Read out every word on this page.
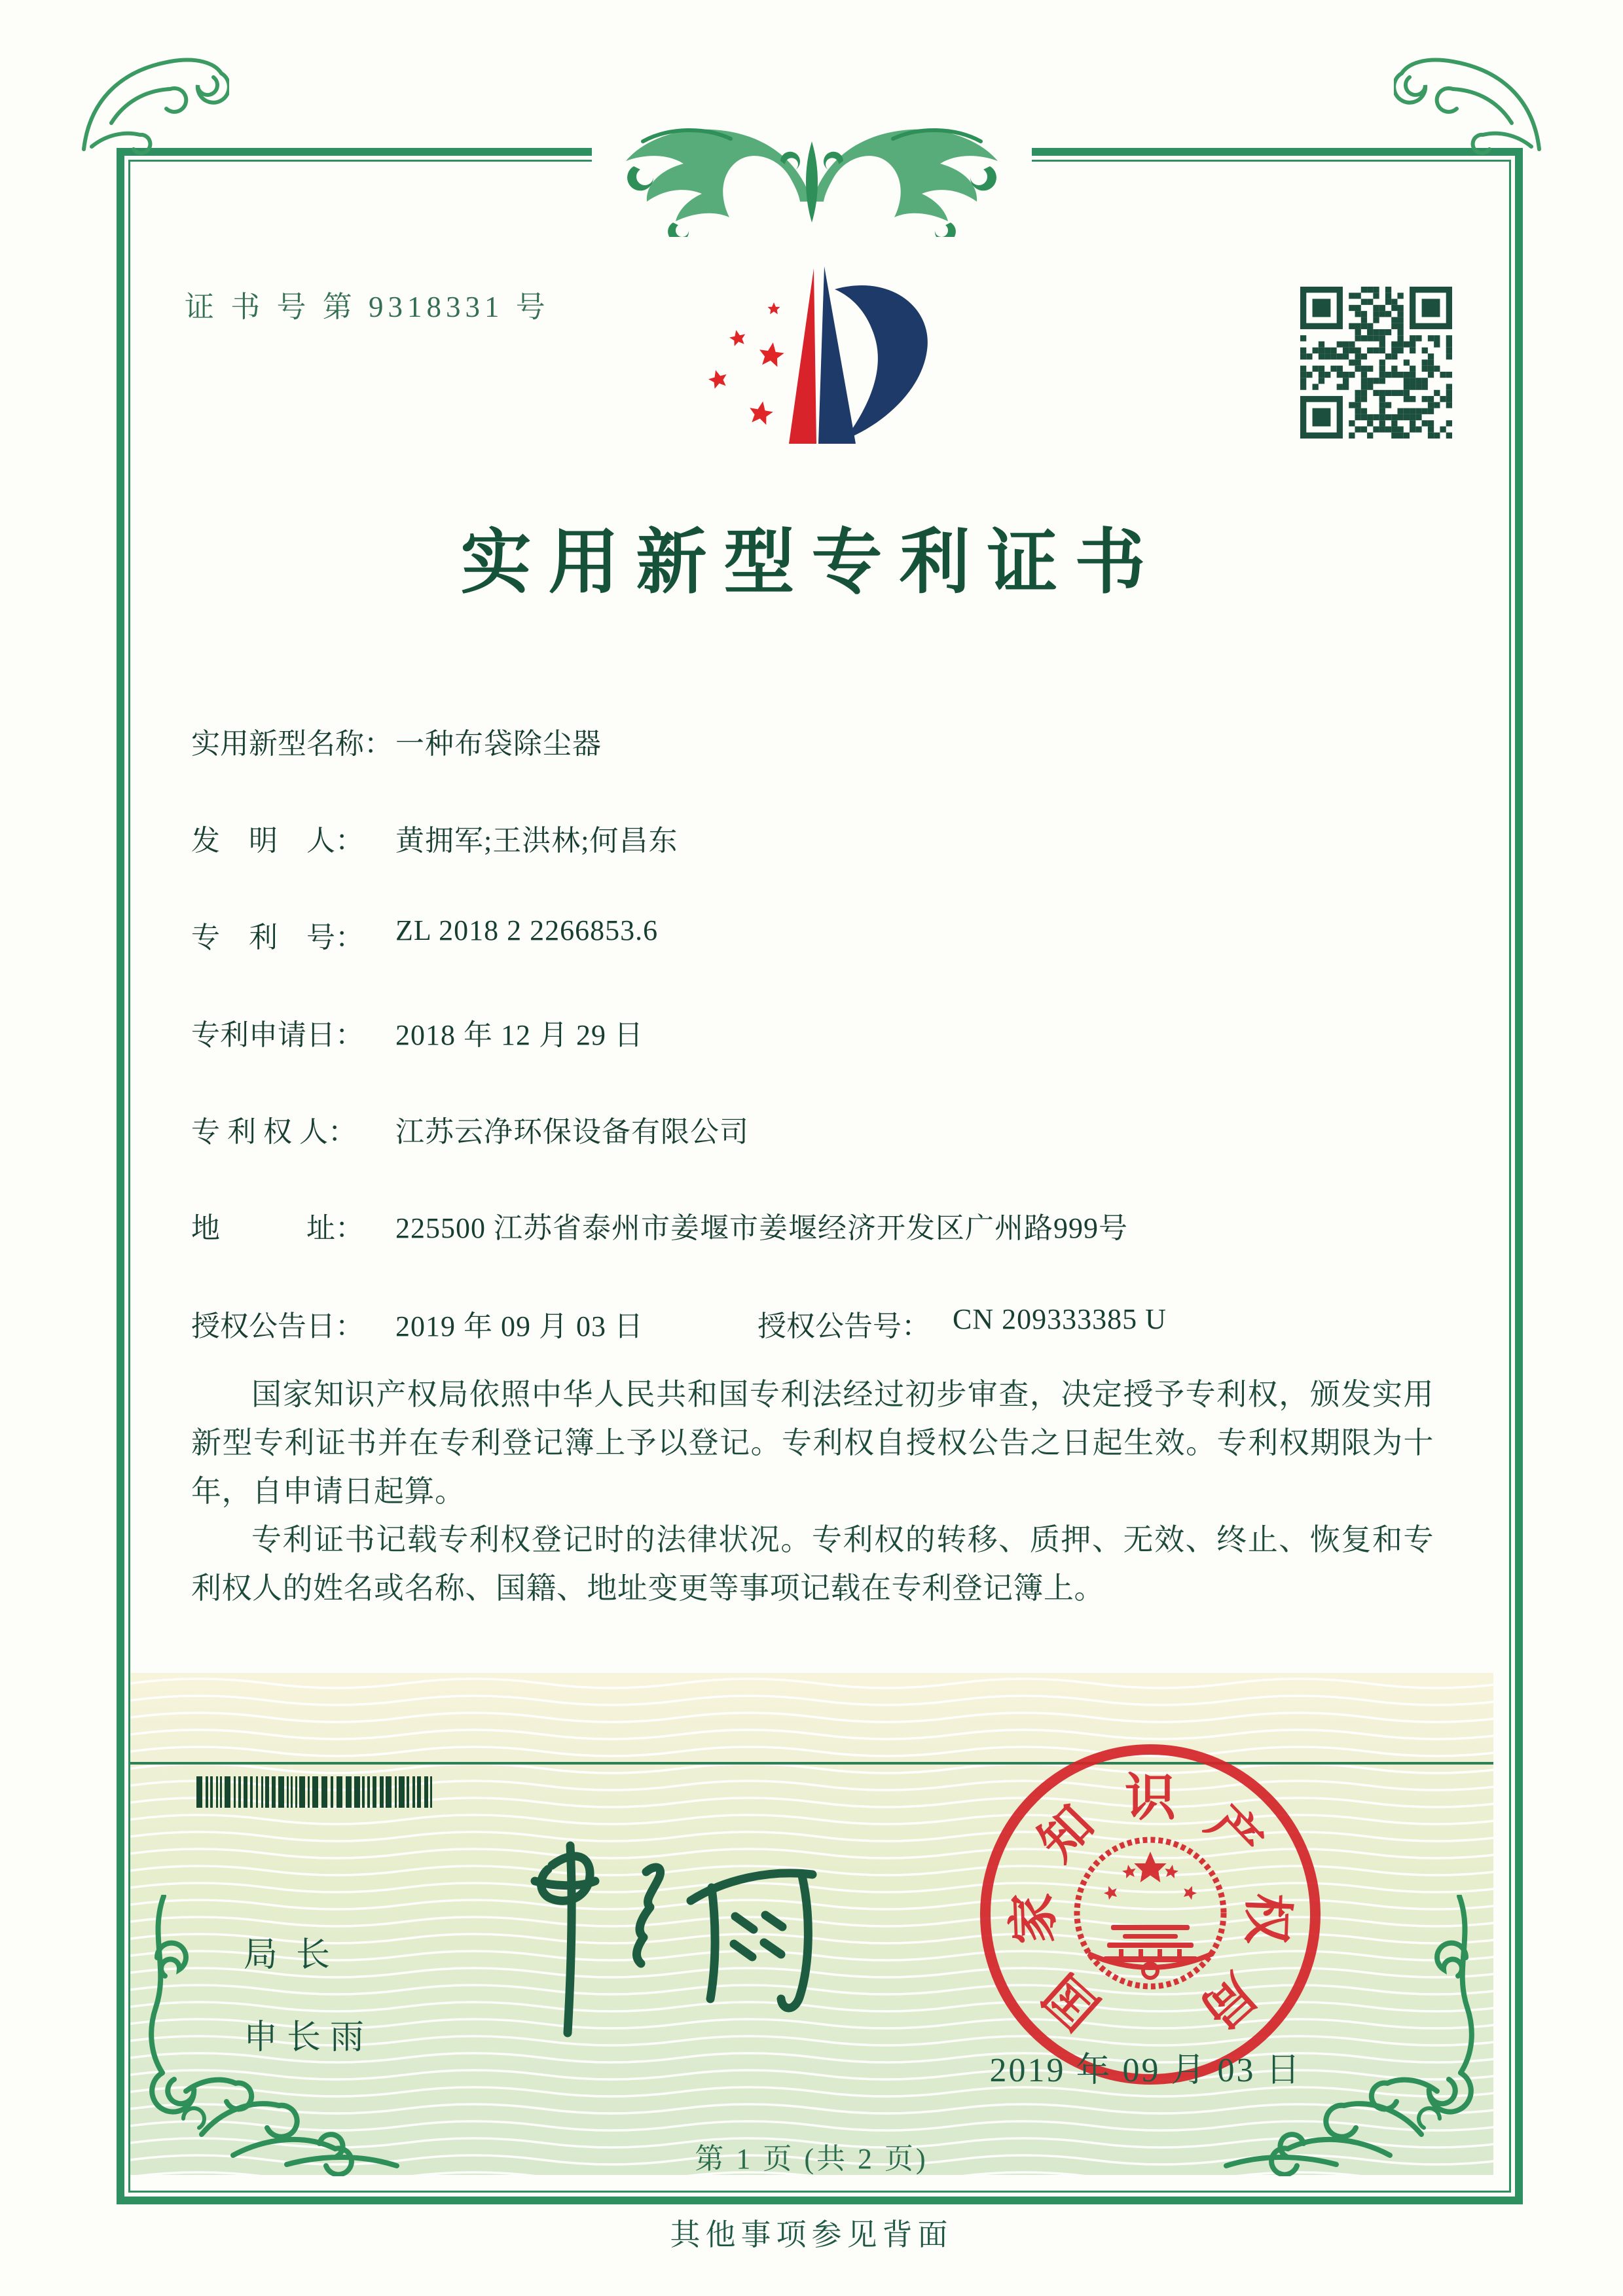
证 书 号 第 9318331 号
实用新型专利证书
实用新型名称： 一种布袋除尘器
发　明　人： 黄拥军;王洪林;何昌东
专　利　号： ZL 2018 2 2266853.6
专利申请日： 2018 年 12 月 29 日
专 利 权 人： 江苏云净环保设备有限公司
地　　　址： 225500 江苏省泰州市姜堰市姜堰经济开发区广州路999号
授权公告日： 2019 年 09 月 03 日	授权公告号： CN 209333385 U

国家知识产权局依照中华人民共和国专利法经过初步审查，决定授予专利权，颁发实用新型专利证书并在专利登记簿上予以登记。专利权自授权公告之日起生效。专利权期限为十年，自申请日起算。

专利证书记载专利权登记时的法律状况。专利权的转移、质押、无效、终止、恢复和专利权人的姓名或名称、国籍、地址变更等事项记载在专利登记簿上。

局长
申长雨	国
家
知 识 产
权
局
2019 年 09 月 03 日
第 1 页 (共 2 页)
其他事项参见背面
